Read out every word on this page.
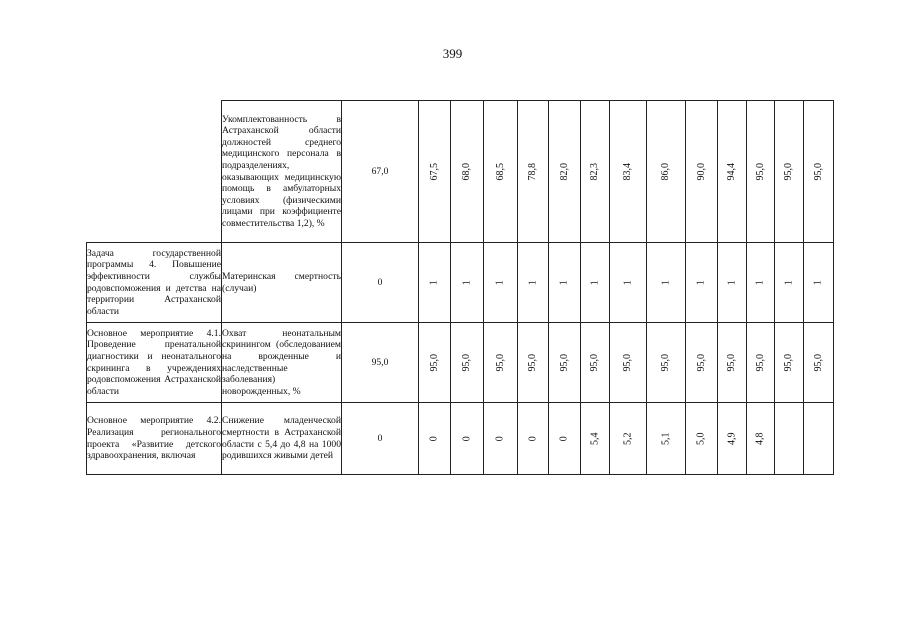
399
	Укомплектованность в Астраханской области должностей среднего медицинского персонала в подразделениях, оказывающих медицинскую помощь в амбулаторных условиях (физическими лицами при коэффициенте совместительства 1,2), %	67,0	67,5	68,0	68,5	78,8	82,0	82,3	83,4	86,0	90,0	94,4	95,0	95,0	95,0
Задача государственной программы 4. Повышение эффективности службы родовспоможения и детства на территории Астраханской области	Материнская смертность (случаи)	0	1	1	1	1	1	1	1	1	1	1	1	1	1
Основное мероприятие 4.1. Проведение пренатальной диагностики и неонатального скрининга в учреждениях родовспоможения Астраханской области	Охват неонатальным скринингом (обследованием на врожденные и наследственные заболевания) новорожденных, %	95,0	95,0	95,0	95,0	95,0	95,0	95,0	95,0	95,0	95,0	95,0	95,0	95,0	95,0
Основное мероприятие 4.2. Реализация регионального проекта «Развитие детского здравоохранения, включая	Снижение младенческой смертности в Астраханской области с 5,4 до 4,8 на 1000 родившихся живыми детей	0	0	0	0	0	0	5,4	5,2	5,1	5,0	4,9	4,8		
